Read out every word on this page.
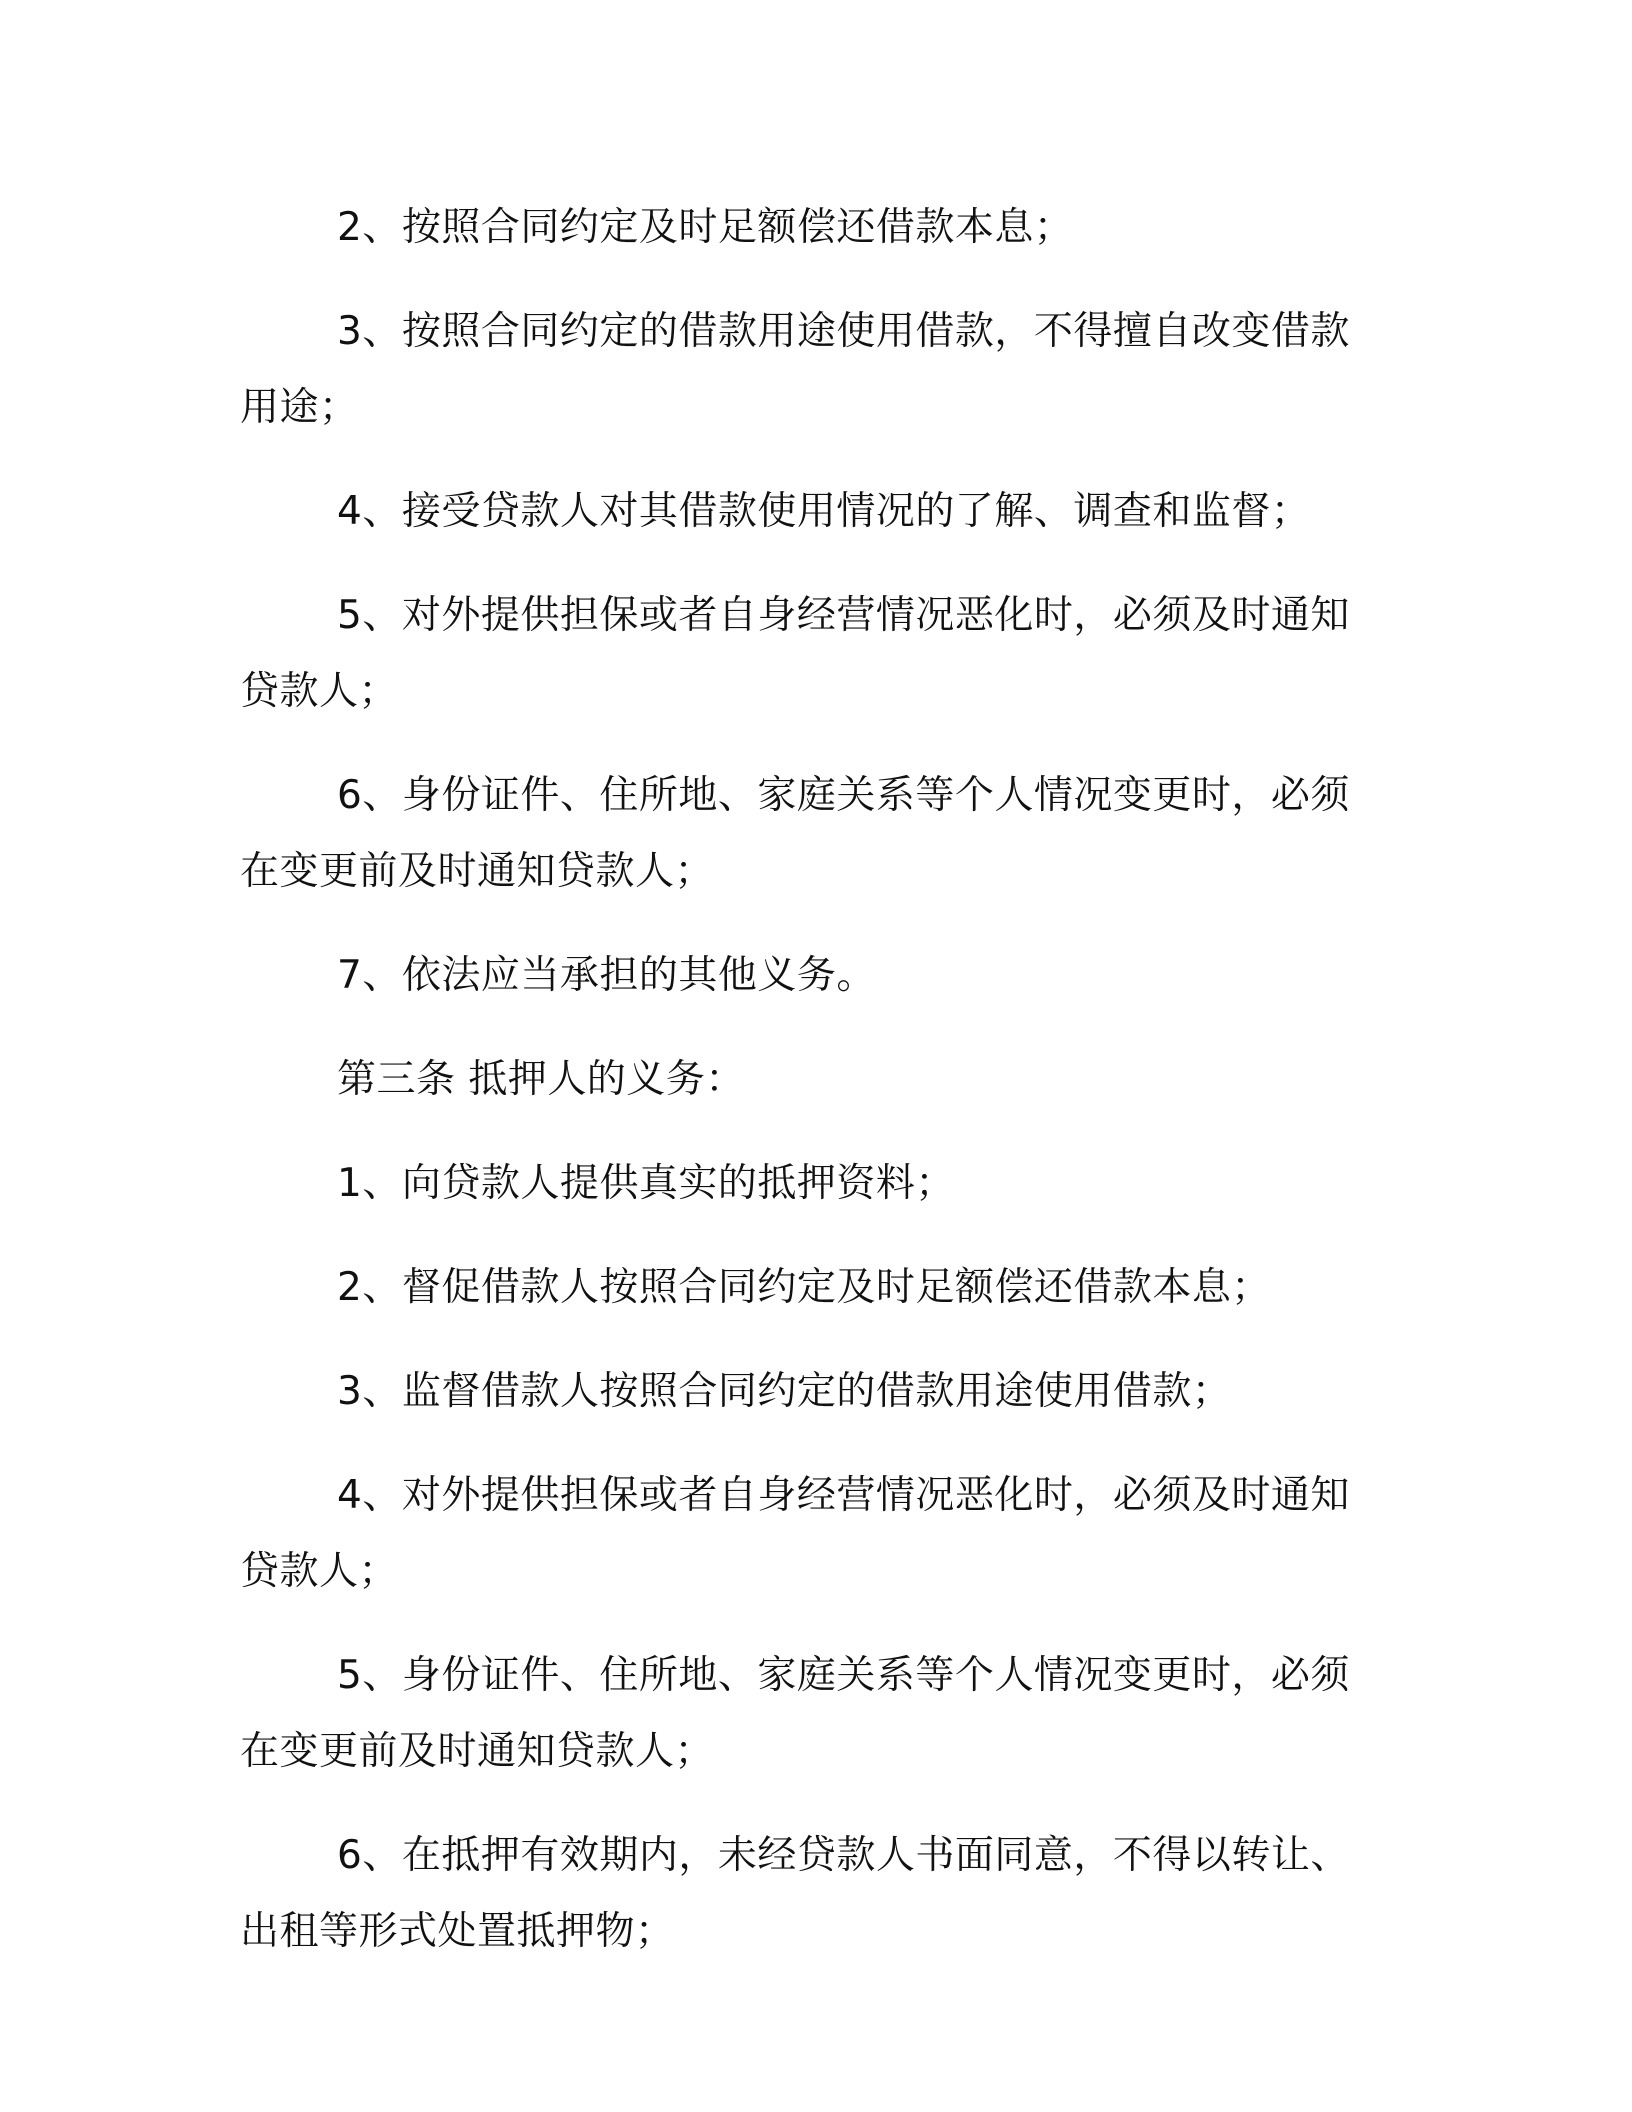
2、按照合同约定及时足额偿还借款本息；

3、按照合同约定的借款用途使用借款，不得擅自改变借款用途；

4、接受贷款人对其借款使用情况的了解、调查和监督；

5、对外提供担保或者自身经营情况恶化时，必须及时通知贷款人；

6、身份证件、住所地、家庭关系等个人情况变更时，必须在变更前及时通知贷款人；

7、依法应当承担的其他义务。

第三条 抵押人的义务：

1、向贷款人提供真实的抵押资料；

2、督促借款人按照合同约定及时足额偿还借款本息；

3、监督借款人按照合同约定的借款用途使用借款；

4、对外提供担保或者自身经营情况恶化时，必须及时通知贷款人；

5、身份证件、住所地、家庭关系等个人情况变更时，必须在变更前及时通知贷款人；

6、在抵押有效期内，未经贷款人书面同意，不得以转让、出租等形式处置抵押物；
